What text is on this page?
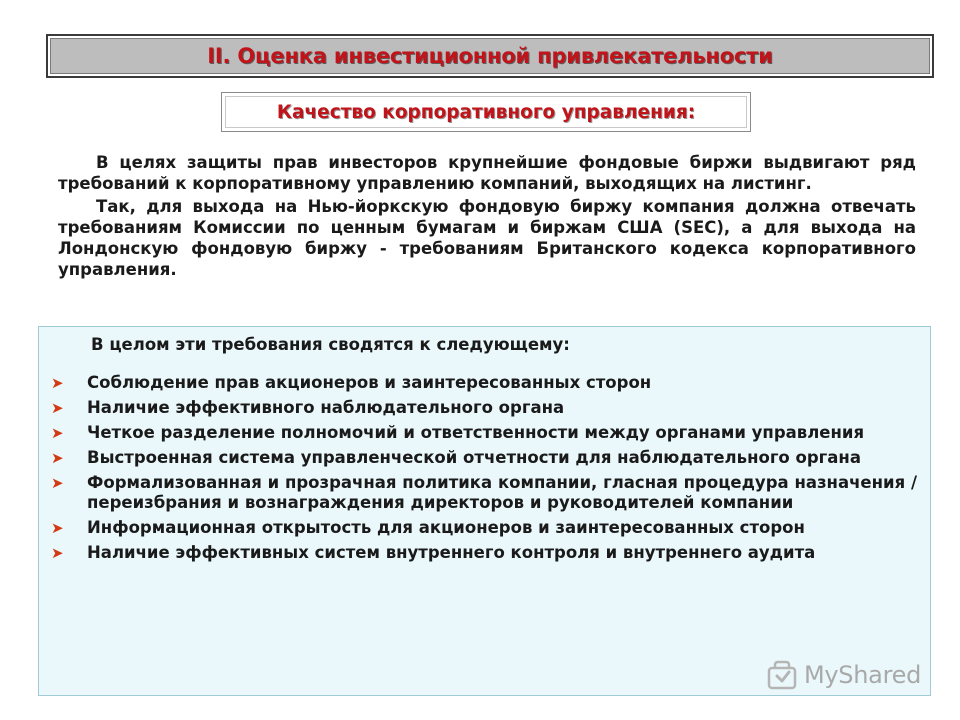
II. Оценка инвестиционной привлекательности
Качество корпоративного управления:

В целях защиты прав инвесторов крупнейшие фондовые биржи выдвигают ряд требований к корпоративному управлению компаний, выходящих на листинг.

Так, для выхода на Нью-йоркскую фондовую биржу компания должна отвечать требованиям Комиссии по ценным бумагам и биржам США (SEC), а для выхода на Лондонскую фондовую биржу - требованиям Британского кодекса корпоративного управления.

В целом эти требования сводятся к следующему:
➤	Соблюдение прав акционеров и заинтересованных сторон
➤	Наличие эффективного наблюдательного органа
➤	Четкое разделение полномочий и ответственности между органами управления
➤	Выстроенная система управленческой отчетности для наблюдательного органа
➤	Формализованная и прозрачная политика компании, гласная процедура назначения / переизбрания и вознаграждения директоров и руководителей компании
➤	Информационная открытость для акционеров и заинтересованных сторон
➤	Наличие эффективных систем внутреннего контроля и внутреннего аудита
MyShared
